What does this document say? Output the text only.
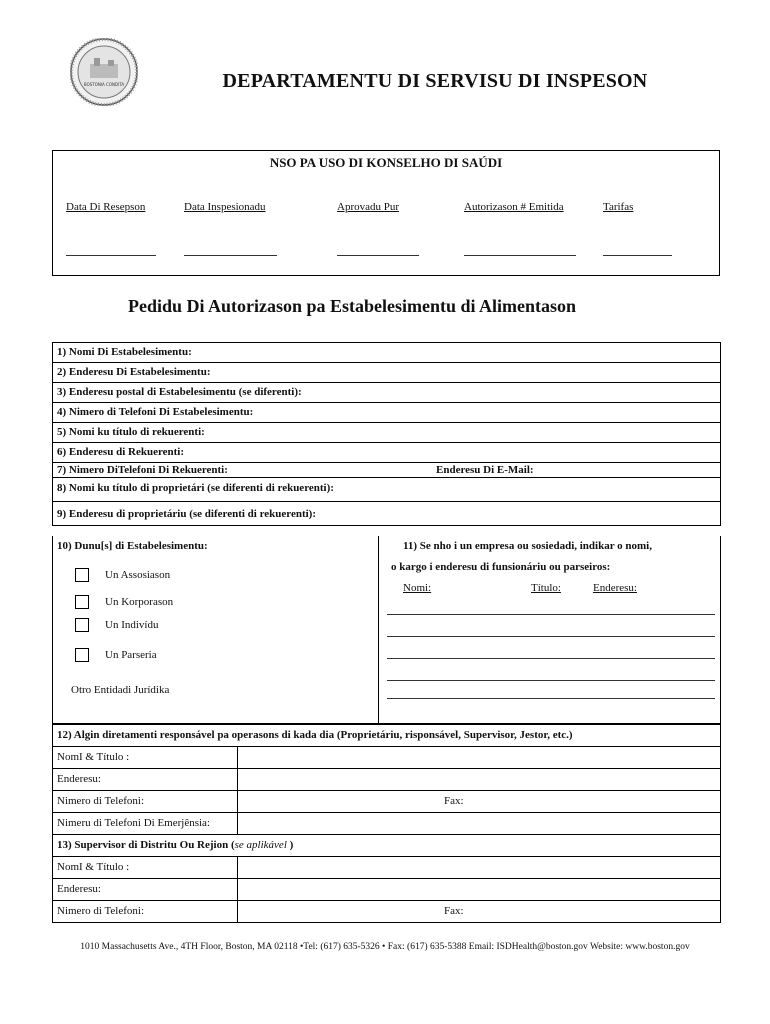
BOSTONIA CONDITA	DEPARTAMENTU DI SERVISU DI INSPESON
NSO PA USO DI KONSELHO DI SAÚDI
Data Di Resepson	Data Inspesionadu	Aprovadu Pur	Autorizason # Emitida	Tarifas
Pedidu Di Autorizason pa Estabelesimentu di Alimentason
1) Nomi Di Estabelesimentu:
2) Enderesu Di Estabelesimentu:
3) Enderesu postal di Estabelesimentu (se diferenti):
4) Nimero di Telefoni Di Estabelesimentu:
5) Nomi ku título di rekuerenti:
6) Enderesu di Rekuerenti:
7) Nimero DiTelefoni Di Rekuerenti:	Enderesu Di E-Mail:
8) Nomi ku título di proprietári (se diferenti di rekuerenti):
9) Enderesu di proprietáriu (se diferenti di rekuerenti):
10) Dunu[s] di Estabelesimentu:
Un Assosiason
Un Korporason
Un Indivídu
Un Parseria
Otro Entidadi Jurídika
11) Se nho i un empresa ou sosiedadi, indikar o nomi,
o kargo i enderesu di funsionáriu ou parseiros:
Nomi:	Título:	Enderesu:
12) Algin diretamenti responsável pa operasons di kada dia (Proprietáriu, risponsável, Supervisor, Jestor, etc.)
NomI & Título :
Enderesu:
Nimero di Telefoni:	Fax:
Nimeru di Telefoni Di Emerjênsia:
13) Supervisor di Distritu Ou Rejion (se aplikável )
NomI & Título :
Enderesu:
Nimero di Telefoni:	Fax:
1010 Massachusetts Ave., 4TH Floor, Boston, MA 02118 •Tel: (617) 635-5326 • Fax: (617) 635-5388 Email: ISDHealth@boston.gov Website: www.boston.gov
